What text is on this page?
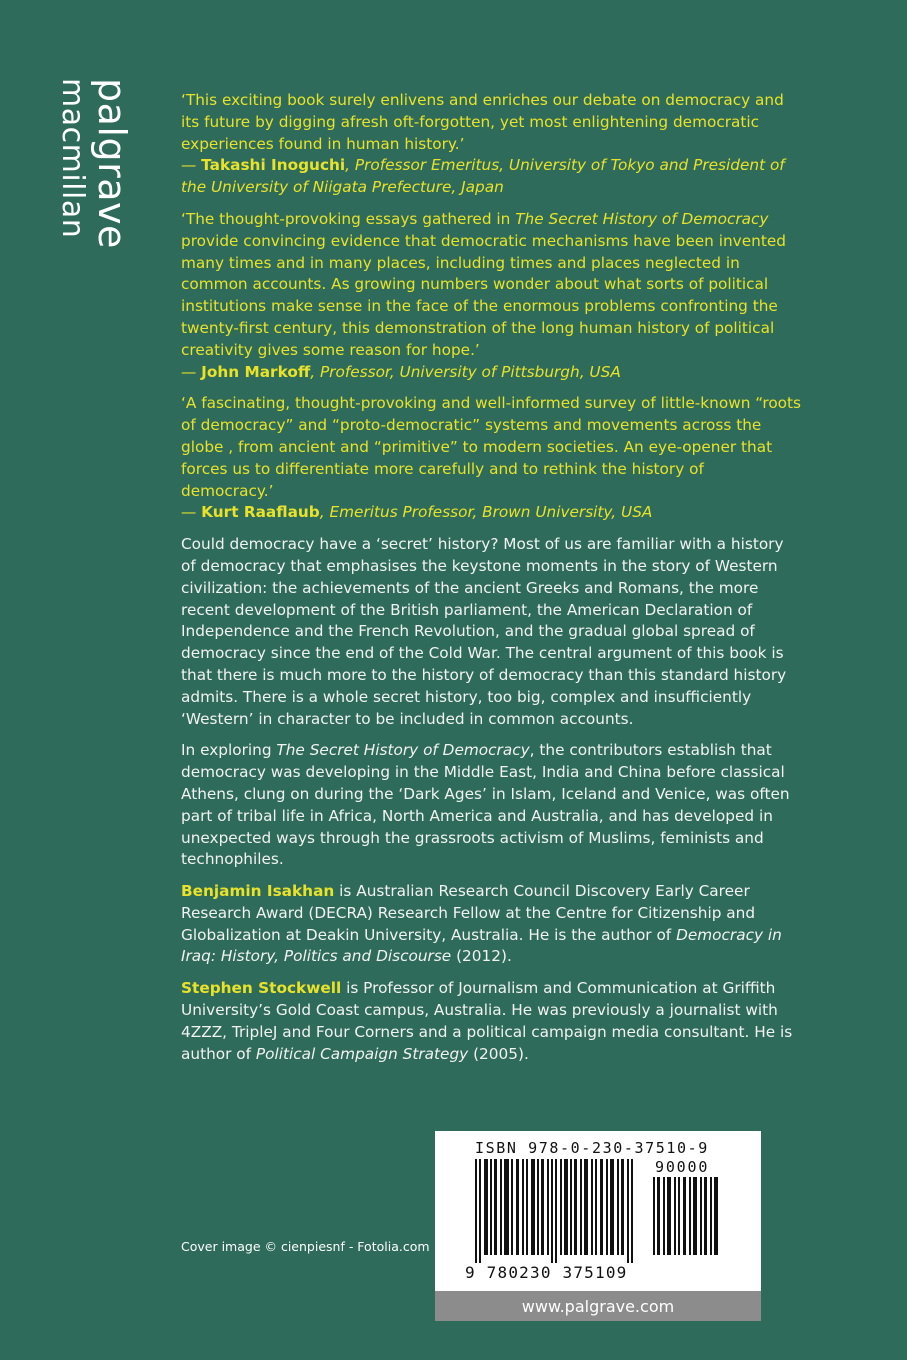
palgrave
macmillan	‘This exciting book surely enlivens and enriches our debate on democracy and its future by digging afresh oft-forgotten, yet most enlightening democratic experiences found in human history.’
— Takashi Inoguchi, Professor Emeritus, University of Tokyo and President of the University of Niigata Prefecture, Japan
‘The thought-provoking essays gathered in The Secret History of Democracy provide convincing evidence that democratic mechanisms have been invented many times and in many places, including times and places neglected in common accounts. As growing numbers wonder about what sorts of political institutions make sense in the face of the enormous problems confronting the twenty-first century, this demonstration of the long human history of political creativity gives some reason for hope.’
— John Markoff, Professor, University of Pittsburgh, USA
‘A fascinating, thought-provoking and well-informed survey of little-known “roots of democracy” and “proto-democratic” systems and movements across the globe , from ancient and “primitive” to modern societies. An eye-opener that forces us to differentiate more carefully and to rethink the history of democracy.’
— Kurt Raaflaub, Emeritus Professor, Brown University, USA

Could democracy have a ‘secret’ history? Most of us are familiar with a history of democracy that emphasises the keystone moments in the story of Western civilization: the achievements of the ancient Greeks and Romans, the more recent development of the British parliament, the American Declaration of Independence and the French Revolution, and the gradual global spread of democracy since the end of the Cold War. The central argument of this book is that there is much more to the history of democracy than this standard history admits. There is a whole secret history, too big, complex and insufficiently ‘Western’ in character to be included in common accounts.

In exploring The Secret History of Democracy, the contributors establish that democracy was developing in the Middle East, India and China before classical Athens, clung on during the ‘Dark Ages’ in Islam, Iceland and Venice, was often part of tribal life in Africa, North America and Australia, and has developed in unexpected ways through the grassroots activism of Muslims, feminists and technophiles.

Benjamin Isakhan is Australian Research Council Discovery Early Career Research Award (DECRA) Research Fellow at the Centre for Citizenship and Globalization at Deakin University, Australia. He is the author of Democracy in Iraq: History, Politics and Discourse (2012).

Stephen Stockwell is Professor of Journalism and Communication at Griffith University’s Gold Coast campus, Australia. He was previously a journalist with 4ZZZ, TripleJ and Four Corners and a political campaign media consultant. He is author of Political Campaign Strategy (2005).

Cover image © cienpiesnf - Fotolia.com
ISBN 978-0-230-37510-9
90000
9 780230 375109
www.palgrave.com
